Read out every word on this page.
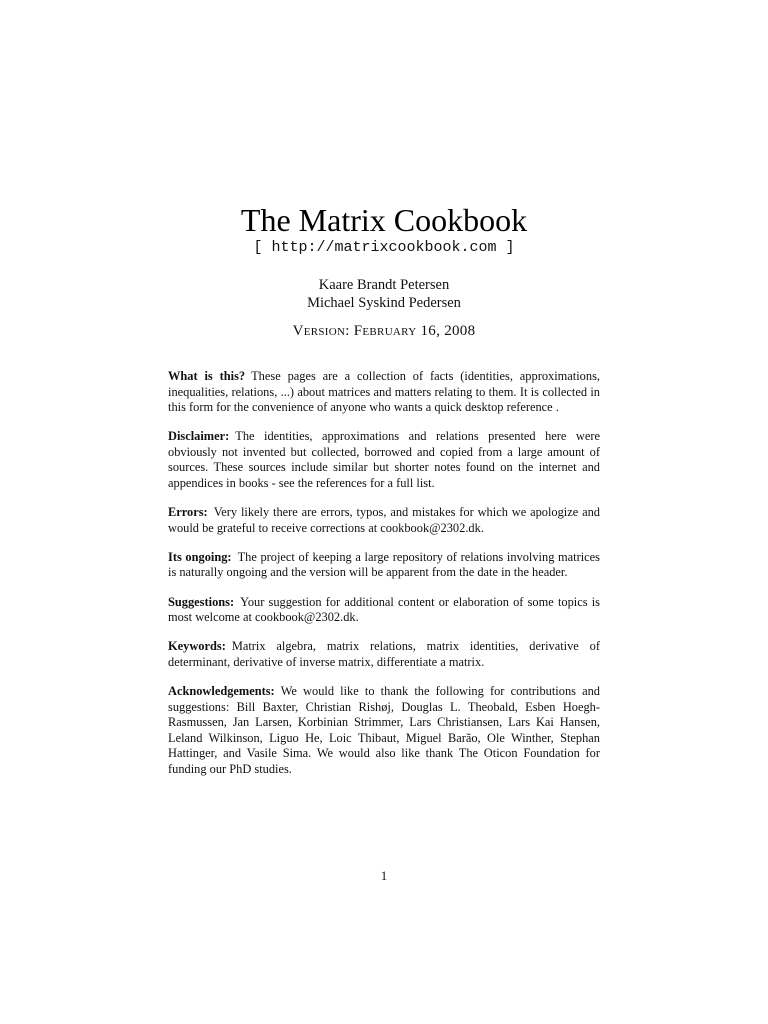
The Matrix Cookbook
[ http://matrixcookbook.com ]
Kaare Brandt Petersen
Michael Syskind Pedersen
Version: February 16, 2008

What is this? These pages are a collection of facts (identities, approximations, inequalities, relations, ...) about matrices and matters relating to them. It is collected in this form for the convenience of anyone who wants a quick desktop reference .

Disclaimer: The identities, approximations and relations presented here were obviously not invented but collected, borrowed and copied from a large amount of sources. These sources include similar but shorter notes found on the internet and appendices in books - see the references for a full list.

Errors: Very likely there are errors, typos, and mistakes for which we apologize and would be grateful to receive corrections at cookbook@2302.dk.

Its ongoing: The project of keeping a large repository of relations involving matrices is naturally ongoing and the version will be apparent from the date in the header.

Suggestions: Your suggestion for additional content or elaboration of some topics is most welcome at cookbook@2302.dk.

Keywords: Matrix algebra, matrix relations, matrix identities, derivative of determinant, derivative of inverse matrix, differentiate a matrix.

Acknowledgements: We would like to thank the following for contributions and suggestions: Bill Baxter, Christian Rishøj, Douglas L. Theobald, Esben Hoegh-Rasmussen, Jan Larsen, Korbinian Strimmer, Lars Christiansen, Lars Kai Hansen, Leland Wilkinson, Liguo He, Loic Thibaut, Miguel Barão, Ole Winther, Stephan Hattinger, and Vasile Sima. We would also like thank The Oticon Foundation for funding our PhD studies.

1
